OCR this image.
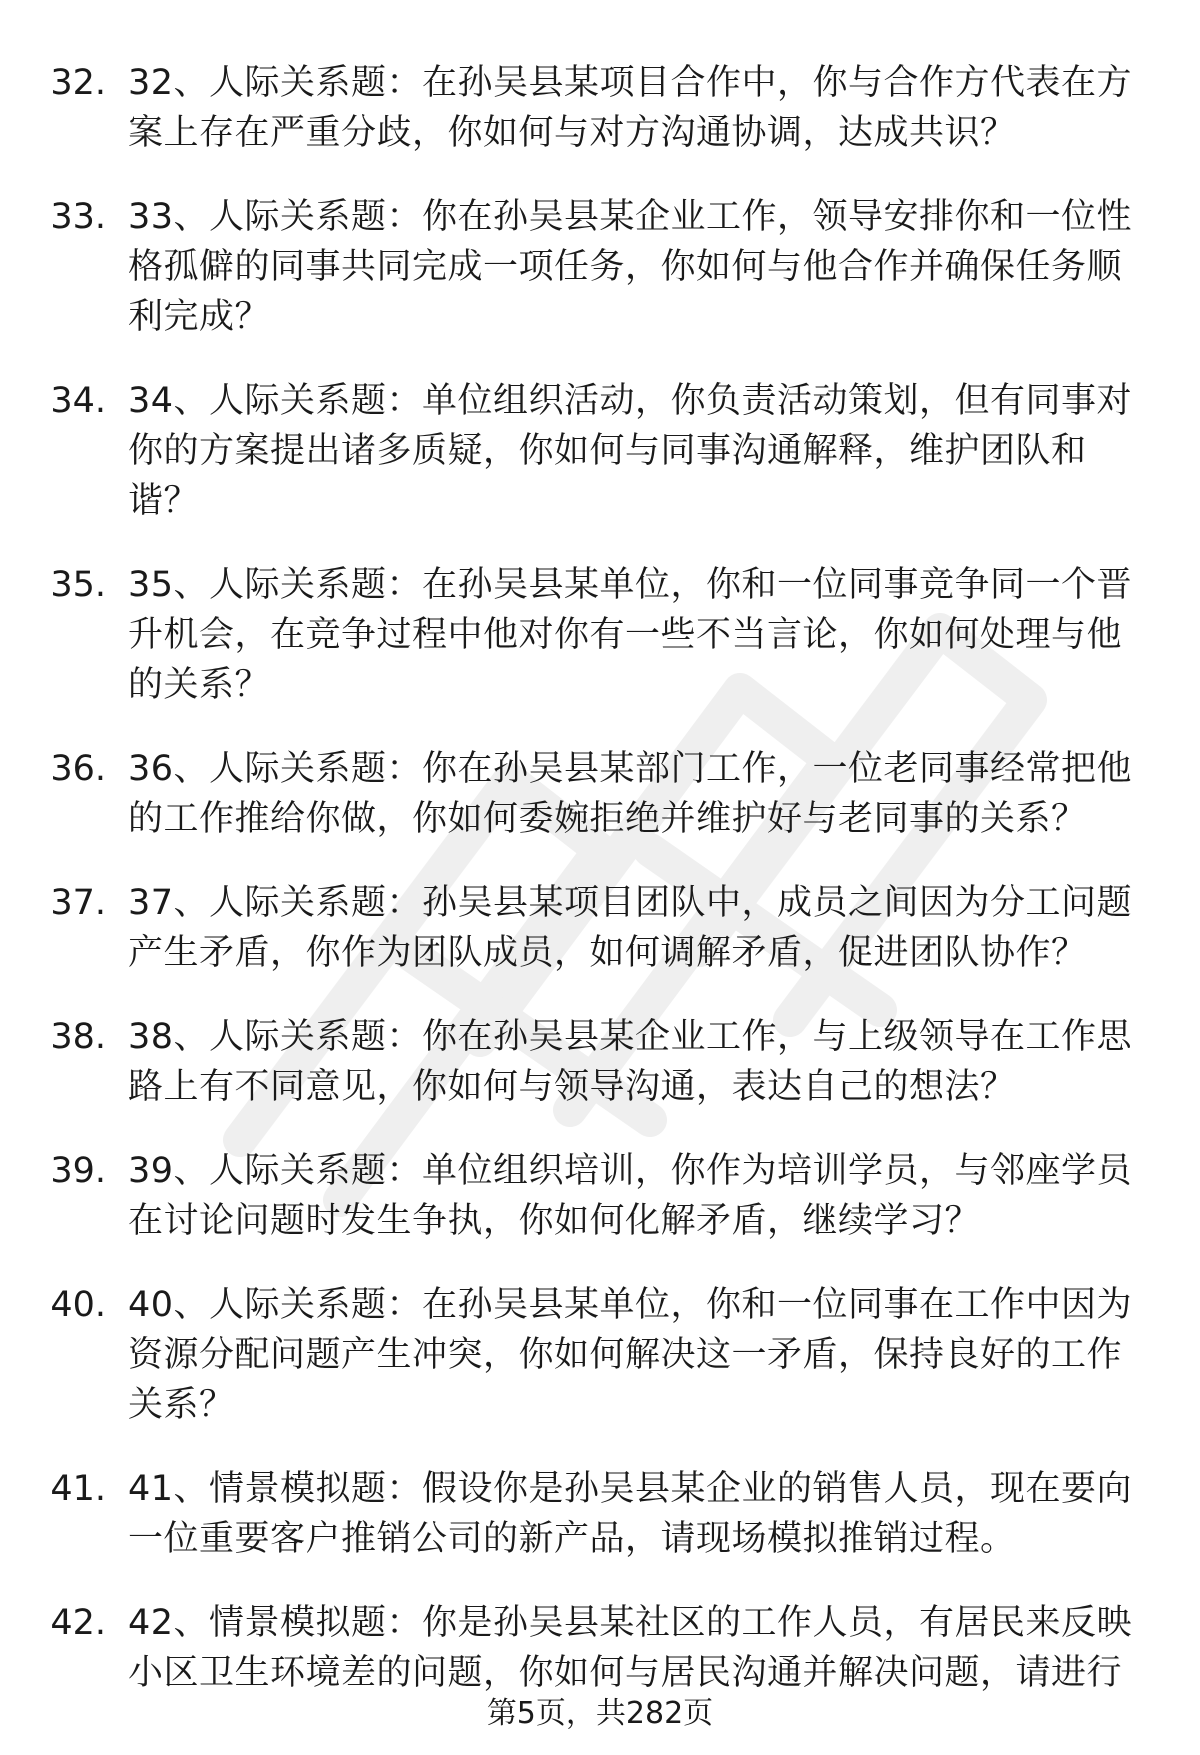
32. 32、人际关系题：在孙吴县某项目合作中，你与合作方代表在方案上存在严重分歧，你如何与对方沟通协调，达成共识？
33. 33、人际关系题：你在孙吴县某企业工作，领导安排你和一位性格孤僻的同事共同完成一项任务，你如何与他合作并确保任务顺利完成？
34. 34、人际关系题：单位组织活动，你负责活动策划，但有同事对你的方案提出诸多质疑，你如何与同事沟通解释，维护团队和谐？
35. 35、人际关系题：在孙吴县某单位，你和一位同事竞争同一个晋升机会，在竞争过程中他对你有一些不当言论，你如何处理与他的关系？
36. 36、人际关系题：你在孙吴县某部门工作，一位老同事经常把他的工作推给你做，你如何委婉拒绝并维护好与老同事的关系？
37. 37、人际关系题：孙吴县某项目团队中，成员之间因为分工问题产生矛盾，你作为团队成员，如何调解矛盾，促进团队协作？
38. 38、人际关系题：你在孙吴县某企业工作，与上级领导在工作思路上有不同意见，你如何与领导沟通，表达自己的想法？
39. 39、人际关系题：单位组织培训，你作为培训学员，与邻座学员在讨论问题时发生争执，你如何化解矛盾，继续学习？
40. 40、人际关系题：在孙吴县某单位，你和一位同事在工作中因为资源分配问题产生冲突，你如何解决这一矛盾，保持良好的工作关系？
41. 41、情景模拟题：假设你是孙吴县某企业的销售人员，现在要向一位重要客户推销公司的新产品，请现场模拟推销过程。
42. 42、情景模拟题：你是孙吴县某社区的工作人员，有居民来反映小区卫生环境差的问题，你如何与居民沟通并解决问题，请进行
第5页，共282页
